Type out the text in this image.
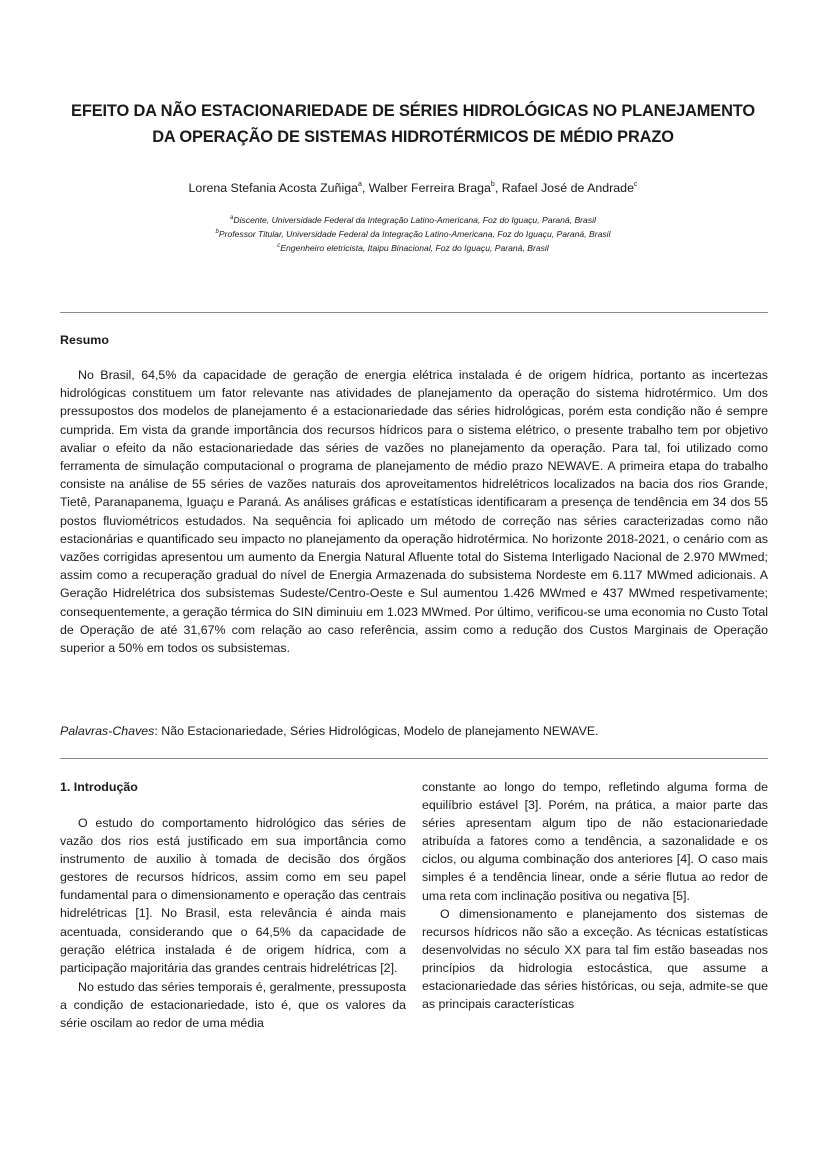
EFEITO DA NÃO ESTACIONARIEDADE DE SÉRIES HIDROLÓGICAS NO PLANEJAMENTO DA OPERAÇÃO DE SISTEMAS HIDROTÉRMICOS DE MÉDIO PRAZO
Lorena Stefania Acosta Zuñiga$^a$, Walber Ferreira Braga$^b$, Rafael José de Andrade$^c$
$^a$Discente, Universidade Federal da Integração Latino-Americana, Foz do Iguaçu, Paraná, Brasil
$^b$Professor Titular, Universidade Federal da Integração Latino-Americana, Foz do Iguaçu, Paraná, Brasil
$^c$Engenheiro eletricista, Itaipu Binacional, Foz do Iguaçu, Paraná, Brasil
Resumo

No Brasil, 64,5% da capacidade de geração de energia elétrica instalada é de origem hídrica, portanto as incertezas hidrológicas constituem um fator relevante nas atividades de planejamento da operação do sistema hidrotérmico. Um dos pressupostos dos modelos de planejamento é a estacionariedade das séries hidrológicas, porém esta condição não é sempre cumprida. Em vista da grande importância dos recursos hídricos para o sistema elétrico, o presente trabalho tem por objetivo avaliar o efeito da não estacionariedade das séries de vazões no planejamento da operação. Para tal, foi utilizado como ferramenta de simulação computacional o programa de planejamento de médio prazo NEWAVE. A primeira etapa do trabalho consiste na análise de 55 séries de vazões naturais dos aproveitamentos hidrelétricos localizados na bacia dos rios Grande, Tietê, Paranapanema, Iguaçu e Paraná. As análises gráficas e estatísticas identificaram a presença de tendência em 34 dos 55 postos fluviométricos estudados. Na sequência foi aplicado um método de correção nas séries caracterizadas como não estacionárias e quantificado seu impacto no planejamento da operação hidrotérmica. No horizonte 2018-2021, o cenário com as vazões corrigidas apresentou um aumento da Energia Natural Afluente total do Sistema Interligado Nacional de 2.970 MWmed; assim como a recuperação gradual do nível de Energia Armazenada do subsistema Nordeste em 6.117 MWmed adicionais. A Geração Hidrelétrica dos subsistemas Sudeste/Centro-Oeste e Sul aumentou 1.426 MWmed e 437 MWmed respetivamente; consequentemente, a geração térmica do SIN diminuiu em 1.023 MWmed. Por último, verificou-se uma economia no Custo Total de Operação de até 31,67% com relação ao caso referência, assim como a redução dos Custos Marginais de Operação superior a 50% em todos os subsistemas.

Palavras-Chaves: Não Estacionariedade, Séries Hidrológicas, Modelo de planejamento NEWAVE.

1. Introdução

O estudo do comportamento hidrológico das séries de vazão dos rios está justificado em sua importância como instrumento de auxilio à tomada de decisão dos órgãos gestores de recursos hídricos, assim como em seu papel fundamental para o dimensionamento e operação das centrais hidrelétricas [1]. No Brasil, esta relevância é ainda mais acentuada, considerando que o 64,5% da capacidade de geração elétrica instalada é de origem hídrica, com a participação majoritária das grandes centrais hidrelétricas [2].

No estudo das séries temporais é, geralmente, pressuposta a condição de estacionariedade, isto é, que os valores da série oscilam ao redor de uma média

constante ao longo do tempo, refletindo alguma forma de equilíbrio estável [3]. Porém, na prática, a maior parte das séries apresentam algum tipo de não estacionariedade atribuída a fatores como a tendência, a sazonalidade e os ciclos, ou alguma combinação dos anteriores [4]. O caso mais simples é a tendência linear, onde a série flutua ao redor de uma reta com inclinação positiva ou negativa [5].

O dimensionamento e planejamento dos sistemas de recursos hídricos não são a exceção. As técnicas estatísticas desenvolvidas no século XX para tal fim estão baseadas nos princípios da hidrologia estocástica, que assume a estacionariedade das séries históricas, ou seja, admite-se que as principais características
